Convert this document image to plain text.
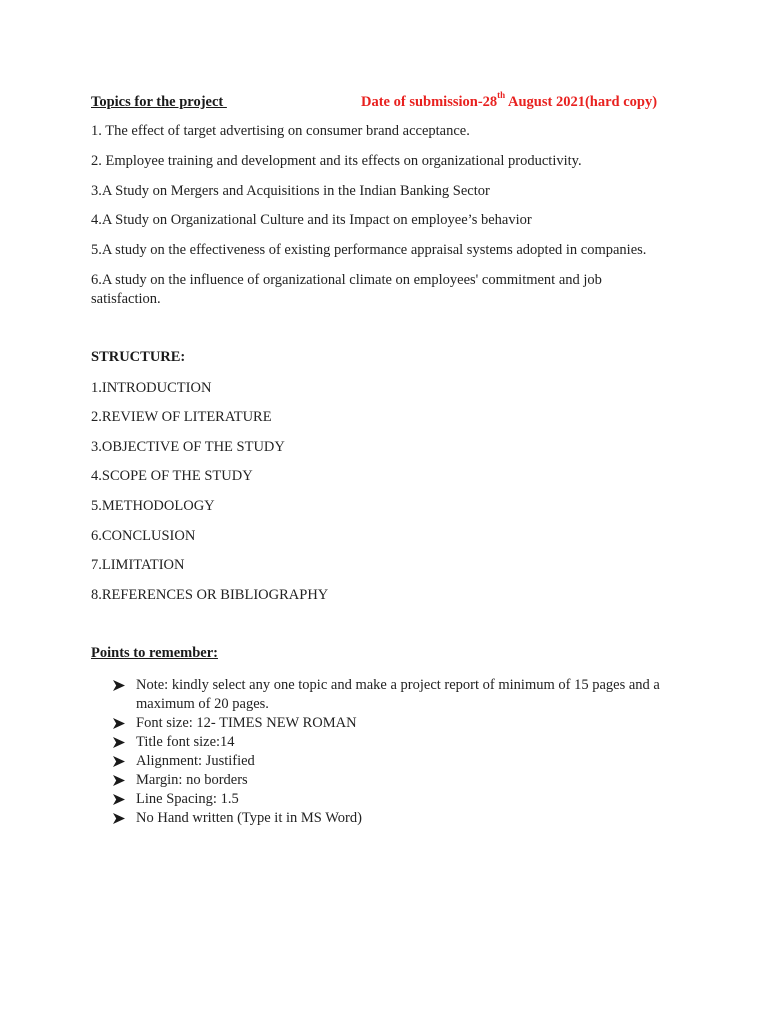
Topics for the project	Date of submission-28th August 2021(hard copy)
1. The effect of target advertising on consumer brand acceptance.
2. Employee training and development and its effects on organizational productivity.
3.A Study on Mergers and Acquisitions in the Indian Banking Sector
4.A Study on Organizational Culture and its Impact on employee’s behavior
5.A study on the effectiveness of existing performance appraisal systems adopted in companies.
6.A study on the influence of organizational climate on employees' commitment and job satisfaction.
STRUCTURE:
1.INTRODUCTION
2.REVIEW OF LITERATURE
3.OBJECTIVE OF THE STUDY
4.SCOPE OF THE STUDY
5.METHODOLOGY
6.CONCLUSION
7.LIMITATION
8.REFERENCES OR BIBLIOGRAPHY
Points to remember:
Note: kindly select any one topic and make a project report of minimum of 15 pages and a maximum of 20 pages.
Font size: 12- TIMES NEW ROMAN
Title font size:14
Alignment: Justified
Margin: no borders
Line Spacing: 1.5
No Hand written (Type it in MS Word)
